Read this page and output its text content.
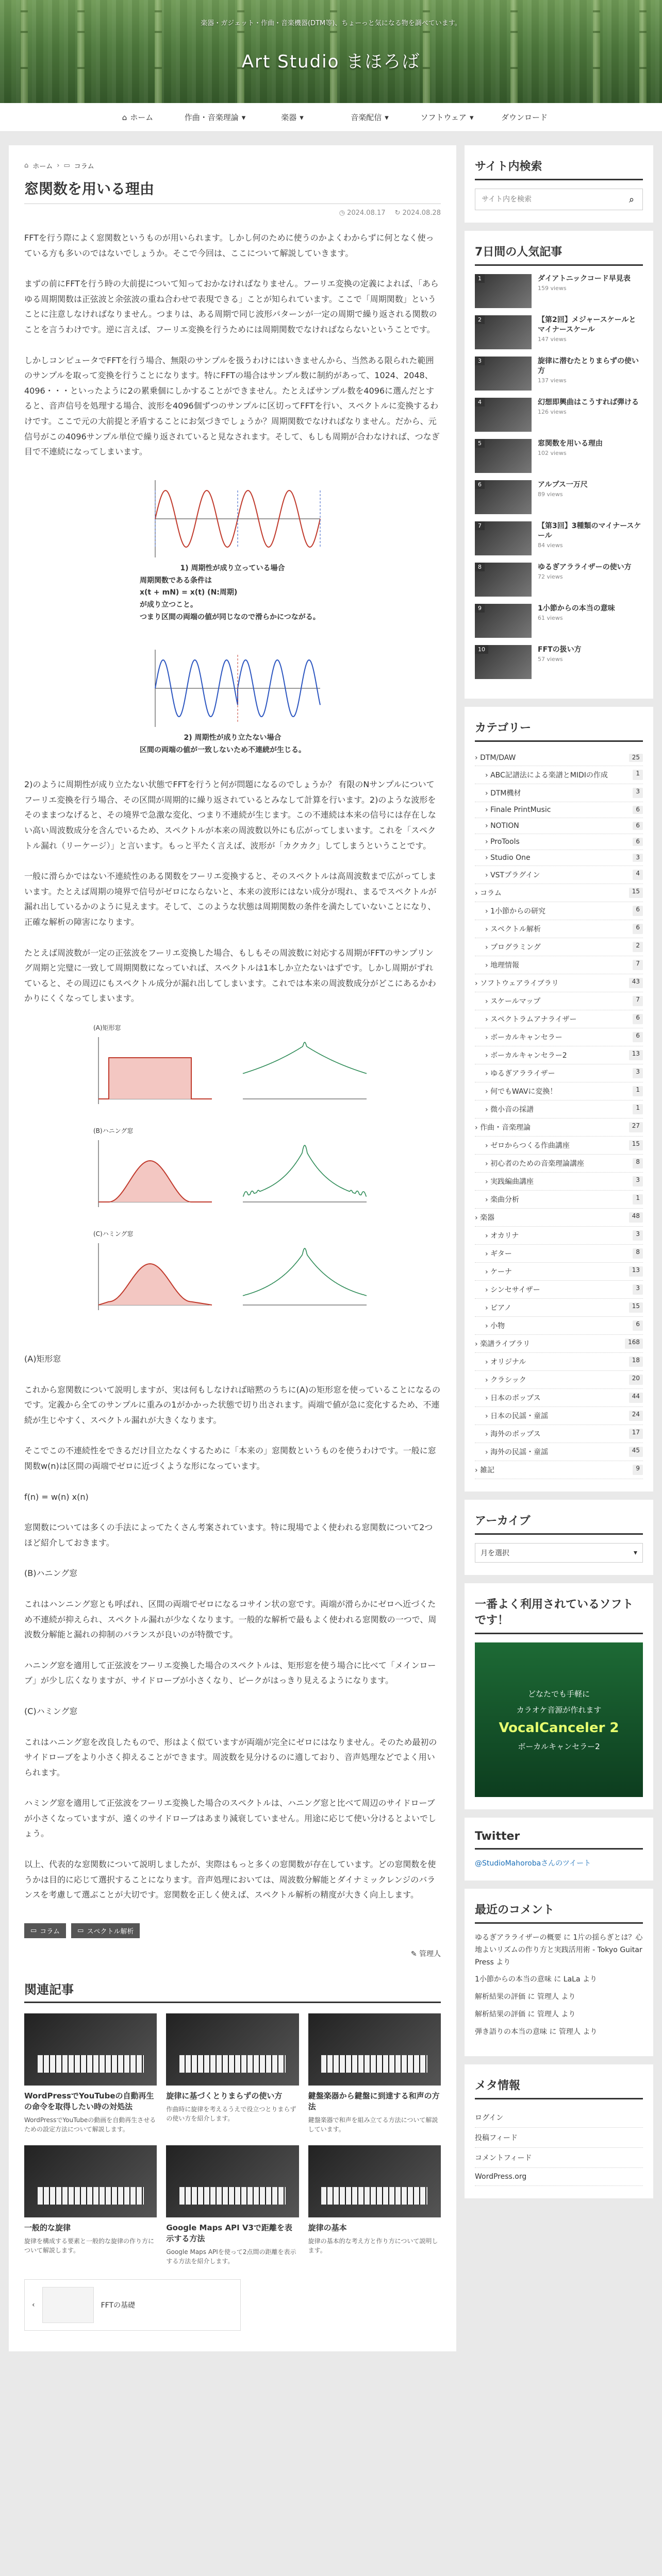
楽器・ガジェット・作曲・音楽機器(DTM等)、ちょーっと気になる物を調べています。
Art Studio まほろば
⌂ ホーム	作曲・音楽理論 ▾	楽器 ▾	音楽配信 ▾	ソフトウェア ▾	ダウンロード
⌂ ホーム › ▭ コラム
窓関数を用いる理由
◷ 2024.08.17 ↻ 2024.08.28

FFTを行う際によく窓関数というものが用いられます。しかし何のために使うのかよくわからずに何となく使っている方も多いのではないでしょうか。そこで今回は、ここについて解説していきます。

まずの前にFFTを行う時の大前提について知っておかなければなりません。フーリエ変換の定義によれば、「あらゆる周期関数は正弦波と余弦波の重ね合わせで表現できる」ことが知られています。ここで「周期関数」ということに注意しなければなりません。つまりは、ある周期で同じ波形パターンが一定の周期で繰り返される関数のことを言うわけです。逆に言えば、フーリエ変換を行うためには周期関数でなければならないということです。

しかしコンピュータでFFTを行う場合、無限のサンプルを扱うわけにはいきませんから、当然ある限られた範囲のサンプルを取って変換を行うことになります。特にFFTの場合はサンプル数に制約があって、1024、2048、4096・・・といったように2の累乗個にしかすることができません。たとえばサンプル数を4096に選んだとすると、音声信号を処理する場合、波形を4096個ずつのサンプルに区切ってFFTを行い、スペクトルに変換するわけです。ここで元の大前提と矛盾することにお気づきでしょうか？周期関数でなければなりません。だから、元信号がこの4096サンプル単位で繰り返されていると見なされます。そして、もしも周期が合わなければ、つなぎ目で不連続になってしまいます。

1) 周期性が成り立っている場合
周期関数である条件は
x(t + mN) = x(t) (N:周期)
が成り立つこと。
つまり区間の両端の値が同じなので滑らかにつながる。
2) 周期性が成り立たない場合
区間の両端の値が一致しないため不連続が生じる。

2)のように周期性が成り立たない状態でFFTを行うと何が問題になるのでしょうか？ 有限のNサンプルについてフーリエ変換を行う場合、その区間が周期的に繰り返されているとみなして計算を行います。2)のような波形をそのままつなげると、その境界で急激な変化、つまり不連続が生じます。この不連続は本来の信号には存在しない高い周波数成分を含んでいるため、スペクトルが本来の周波数以外にも広がってしまいます。これを「スペクトル漏れ（リーケージ）」と言います。もっと平たく言えば、波形が「カクカク」してしまうということです。

一般に滑らかではない不連続性のある関数をフーリエ変換すると、そのスペクトルは高周波数まで広がってしまいます。たとえば周期の境界で信号がゼロにならないと、本来の波形にはない成分が現れ、まるでスペクトルが漏れ出しているかのように見えます。そして、このような状態は周期関数の条件を満たしていないことになり、正確な解析の障害になります。

たとえば周波数が一定の正弦波をフーリエ変換した場合、もしもその周波数に対応する周期がFFTのサンプリング周期と完璧に一致して周期関数になっていれば、スペクトルは1本しか立たないはずです。しかし周期がずれていると、その周辺にもスペクトル成分が漏れ出してしまいます。これでは本来の周波数成分がどこにあるかわかりにくくなってしまいます。

(A)矩形窓
(B)ハニング窓
(C)ハミング窓

(A)矩形窓

これから窓関数について説明しますが、実は何もしなければ暗黙のうちに(A)の矩形窓を使っていることになるのです。定義から全てのサンプルに重みの1がかかった状態で切り出されます。両端で値が急に変化するため、不連続が生じやすく、スペクトル漏れが大きくなります。

そこでこの不連続性をできるだけ目立たなくするために「本来の」窓関数というものを使うわけです。一般に窓関数w(n)は区間の両端でゼロに近づくような形になっています。

f(n) = w(n) x(n)

窓関数については多くの手法によってたくさん考案されています。特に現場でよく使われる窓関数について2つほど紹介しておきます。

(B)ハニング窓

これはハンニング窓とも呼ばれ、区間の両端でゼロになるコサイン状の窓です。両端が滑らかにゼロへ近づくため不連続が抑えられ、スペクトル漏れが少なくなります。一般的な解析で最もよく使われる窓関数の一つで、周波数分解能と漏れの抑制のバランスが良いのが特徴です。

ハニング窓を適用して正弦波をフーリエ変換した場合のスペクトルは、矩形窓を使う場合に比べて「メインローブ」が少し広くなりますが、サイドローブが小さくなり、ピークがはっきり見えるようになります。

(C)ハミング窓

これはハニング窓を改良したもので、形はよく似ていますが両端が完全にゼロにはなりません。そのため最初のサイドローブをより小さく抑えることができます。周波数を見分けるのに適しており、音声処理などでよく用いられます。

ハミング窓を適用して正弦波をフーリエ変換した場合のスペクトルは、ハニング窓と比べて周辺のサイドローブが小さくなっていますが、遠くのサイドローブはあまり減衰していません。用途に応じて使い分けるとよいでしょう。

以上、代表的な窓関数について説明しましたが、実際はもっと多くの窓関数が存在しています。どの窓関数を使うかは目的に応じて選択することになります。音声処理においては、周波数分解能とダイナミックレンジのバランスを考慮して選ぶことが大切です。窓関数を正しく使えば、スペクトル解析の精度が大きく向上します。

▭ コラム	▭ スペクトル解析
✎ 管理人
関連記事
WordPressでYouTubeの自動再生の命令を取得したい時の対処法

WordPressでYouTubeの動画を自動再生させるための設定方法について解説します。

旋律に基づくとりまらずの使い方

作曲時に旋律を考えるうえで役立つとりまらずの使い方を紹介します。

鍵盤楽器から鍵盤に到達する和声の方法

鍵盤楽器で和声を組み立てる方法について解説しています。

一般的な旋律

旋律を構成する要素と一般的な旋律の作り方について解説します。

Google Maps API V3で距離を表示する方法

Google Maps APIを使って2点間の距離を表示する方法を紹介します。

旋律の基本

旋律の基本的な考え方と作り方について説明します。

‹	FFTの基礎
サイト内検索
サイト内を検索
⌕
7日間の人気記事
1	ダイアトニックコード早見表
159 views
2	【第2回】メジャースケールとマイナースケール
147 views
3	旋律に潜むたとりまらずの使い方
137 views
4	幻想即興曲はこうすれば弾ける
126 views
5	窓関数を用いる理由
102 views
6	アルプス一万尺
89 views
7	【第3回】3種類のマイナースケール
84 views
8	ゆるぎアラライザーの使い方
72 views
9	1小節からの本当の意味
61 views
10	FFTの扱い方
57 views
カテゴリー
› DTM/DAW	25
› ABC記譜法による楽譜とMIDIの作成	1
› DTM機材	3
› Finale PrintMusic	6
› NOTION	6
› ProTools	6
› Studio One	3
› VSTプラグイン	4
› コラム	15
› 1小節からの研究	6
› スペクトル解析	6
› プログラミング	2
› 地理情報	7
› ソフトウェアライブラリ	43
› スケールマップ	7
› スペクトラムアナライザー	6
› ボーカルキャンセラー	6
› ボーカルキャンセラー2	13
› ゆるぎアラライザー	3
› 何でもWAVに変換！	1
› 微小音の採譜	1
› 作曲・音楽理論	27
› ゼロからつくる作曲講座	15
› 初心者のための音楽理論講座	8
› 実践編曲講座	3
› 楽曲分析	1
› 楽器	48
› オカリナ	3
› ギター	8
› ケーナ	13
› シンセサイザー	3
› ピアノ	15
› 小物	6
› 楽譜ライブラリ	168
› オリジナル	18
› クラシック	20
› 日本のポップス	44
› 日本の民謡・童謡	24
› 海外のポップス	17
› 海外の民謡・童謡	45
› 雑記	9
アーカイブ
月を選択	▾
一番よく利用されているソフトです！
どなたでも手軽に
カラオケ音源が作れます
VocalCanceler 2
ボーカルキャンセラー2
Twitter
@StudioMahorobaさんのツイート
最近のコメント
ゆるぎアラライザーの概要 に 1片の揺らぎとは？心地よいリズムの作り方と実践活用術 - Tokyo Guitar Press より
1小節からの本当の意味 に LaLa より
解析結果の評価 に 管理人 より
解析結果の評価 に 管理人 より
弾き語りの本当の意味 に 管理人 より
メタ情報
ログイン
投稿フィード
コメントフィード
WordPress.org
